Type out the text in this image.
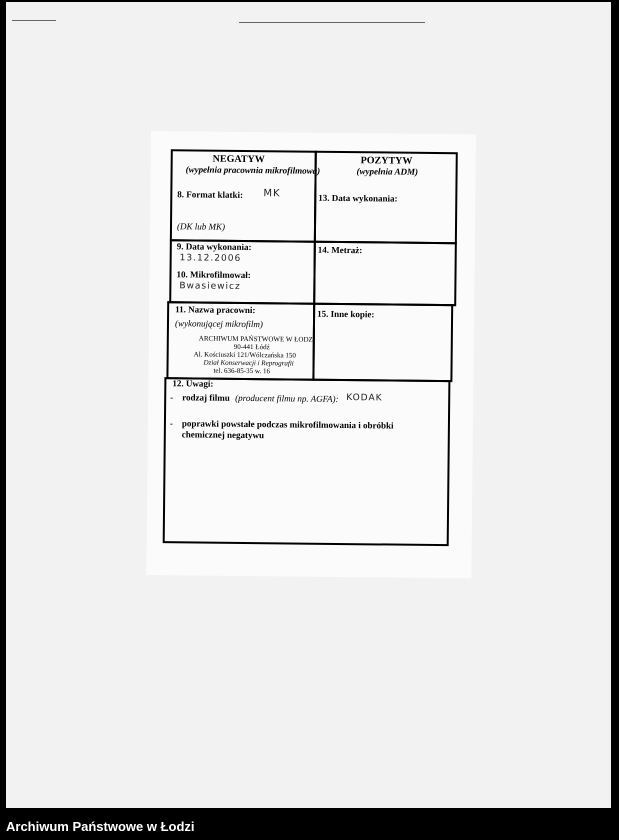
NEGATYW
(wypełnia pracownia mikrofilmowa)
8. Format klatki: MK
(DK lub MK)
POZYTYW
(wypełnia ADM)
13. Data wykonania:
9. Data wykonania:
13.12.2006
10. Mikrofilmował:
Bwasiewicz
14. Metraż:
11. Nazwa pracowni:
(wykonującej mikrofilm)
ARCHIWUM PAŃSTWOWE W ŁODZI
90-441 Łódź
Al. Kościuszki 121/Wólczańska 150
Dział Konserwacji i Reprografii
tel. 636-85-35 w. 16
15. Inne kopie:
12. Uwagi:
- rodzaj filmu (producent filmu np. AGFA): KODAK
- poprawki powstałe podczas mikrofilmowania i obróbki chemicznej negatywu
Archiwum Państwowe w Łodzi
